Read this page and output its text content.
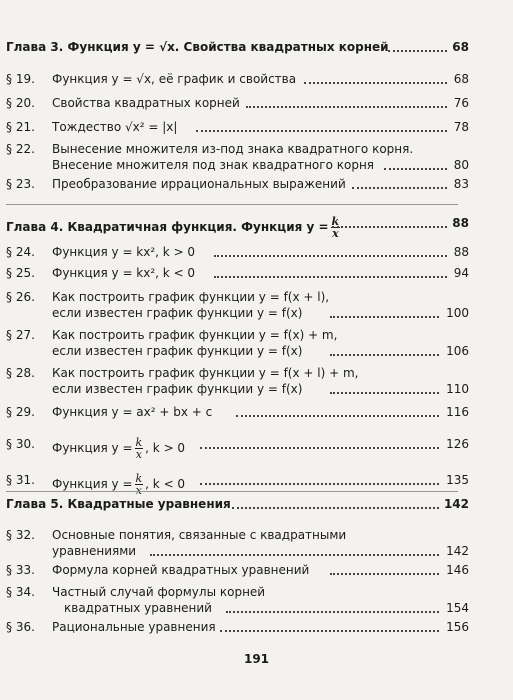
Глава 3. Функция y = √x. Свойства квадратных корней	68
§ 19. Функция y = √x, её график и свойства	68
§ 20. Свойства квадратных корней	76
§ 21. Тождество √x² = |x|	78
§ 22. Вынесение множителя из-под знака квадратного корня.
Внесение множителя под знак квадратного корня	80
§ 23. Преобразование иррациональных выражений	83
Глава 4. Квадратичная функция. Функция $y = \frac{k}{x}$	88
§ 24. Функция y = kx², k > 0	88
§ 25. Функция y = kx², k < 0	94
§ 26. Как построить график функции y = f(x + l),
если известен график функции y = f(x)	100
§ 27. Как построить график функции y = f(x) + m,
если известен график функции y = f(x)	106
§ 28. Как построить график функции y = f(x + l) + m,
если известен график функции y = f(x)	110
§ 29. Функция y = ax² + bx + c	116
§ 30. Функция $y = \frac{k}{x}$ , k > 0	126
§ 31. Функция $y = \frac{k}{x}$ , k < 0	135
Глава 5. Квадратные уравнения	142
§ 32. Основные понятия, связанные с квадратными
уравнениями	142
§ 33. Формула корней квадратных уравнений	146
§ 34. Частный случай формулы корней
квадратных уравнений	154
§ 36. Рациональные уравнения	156
191
